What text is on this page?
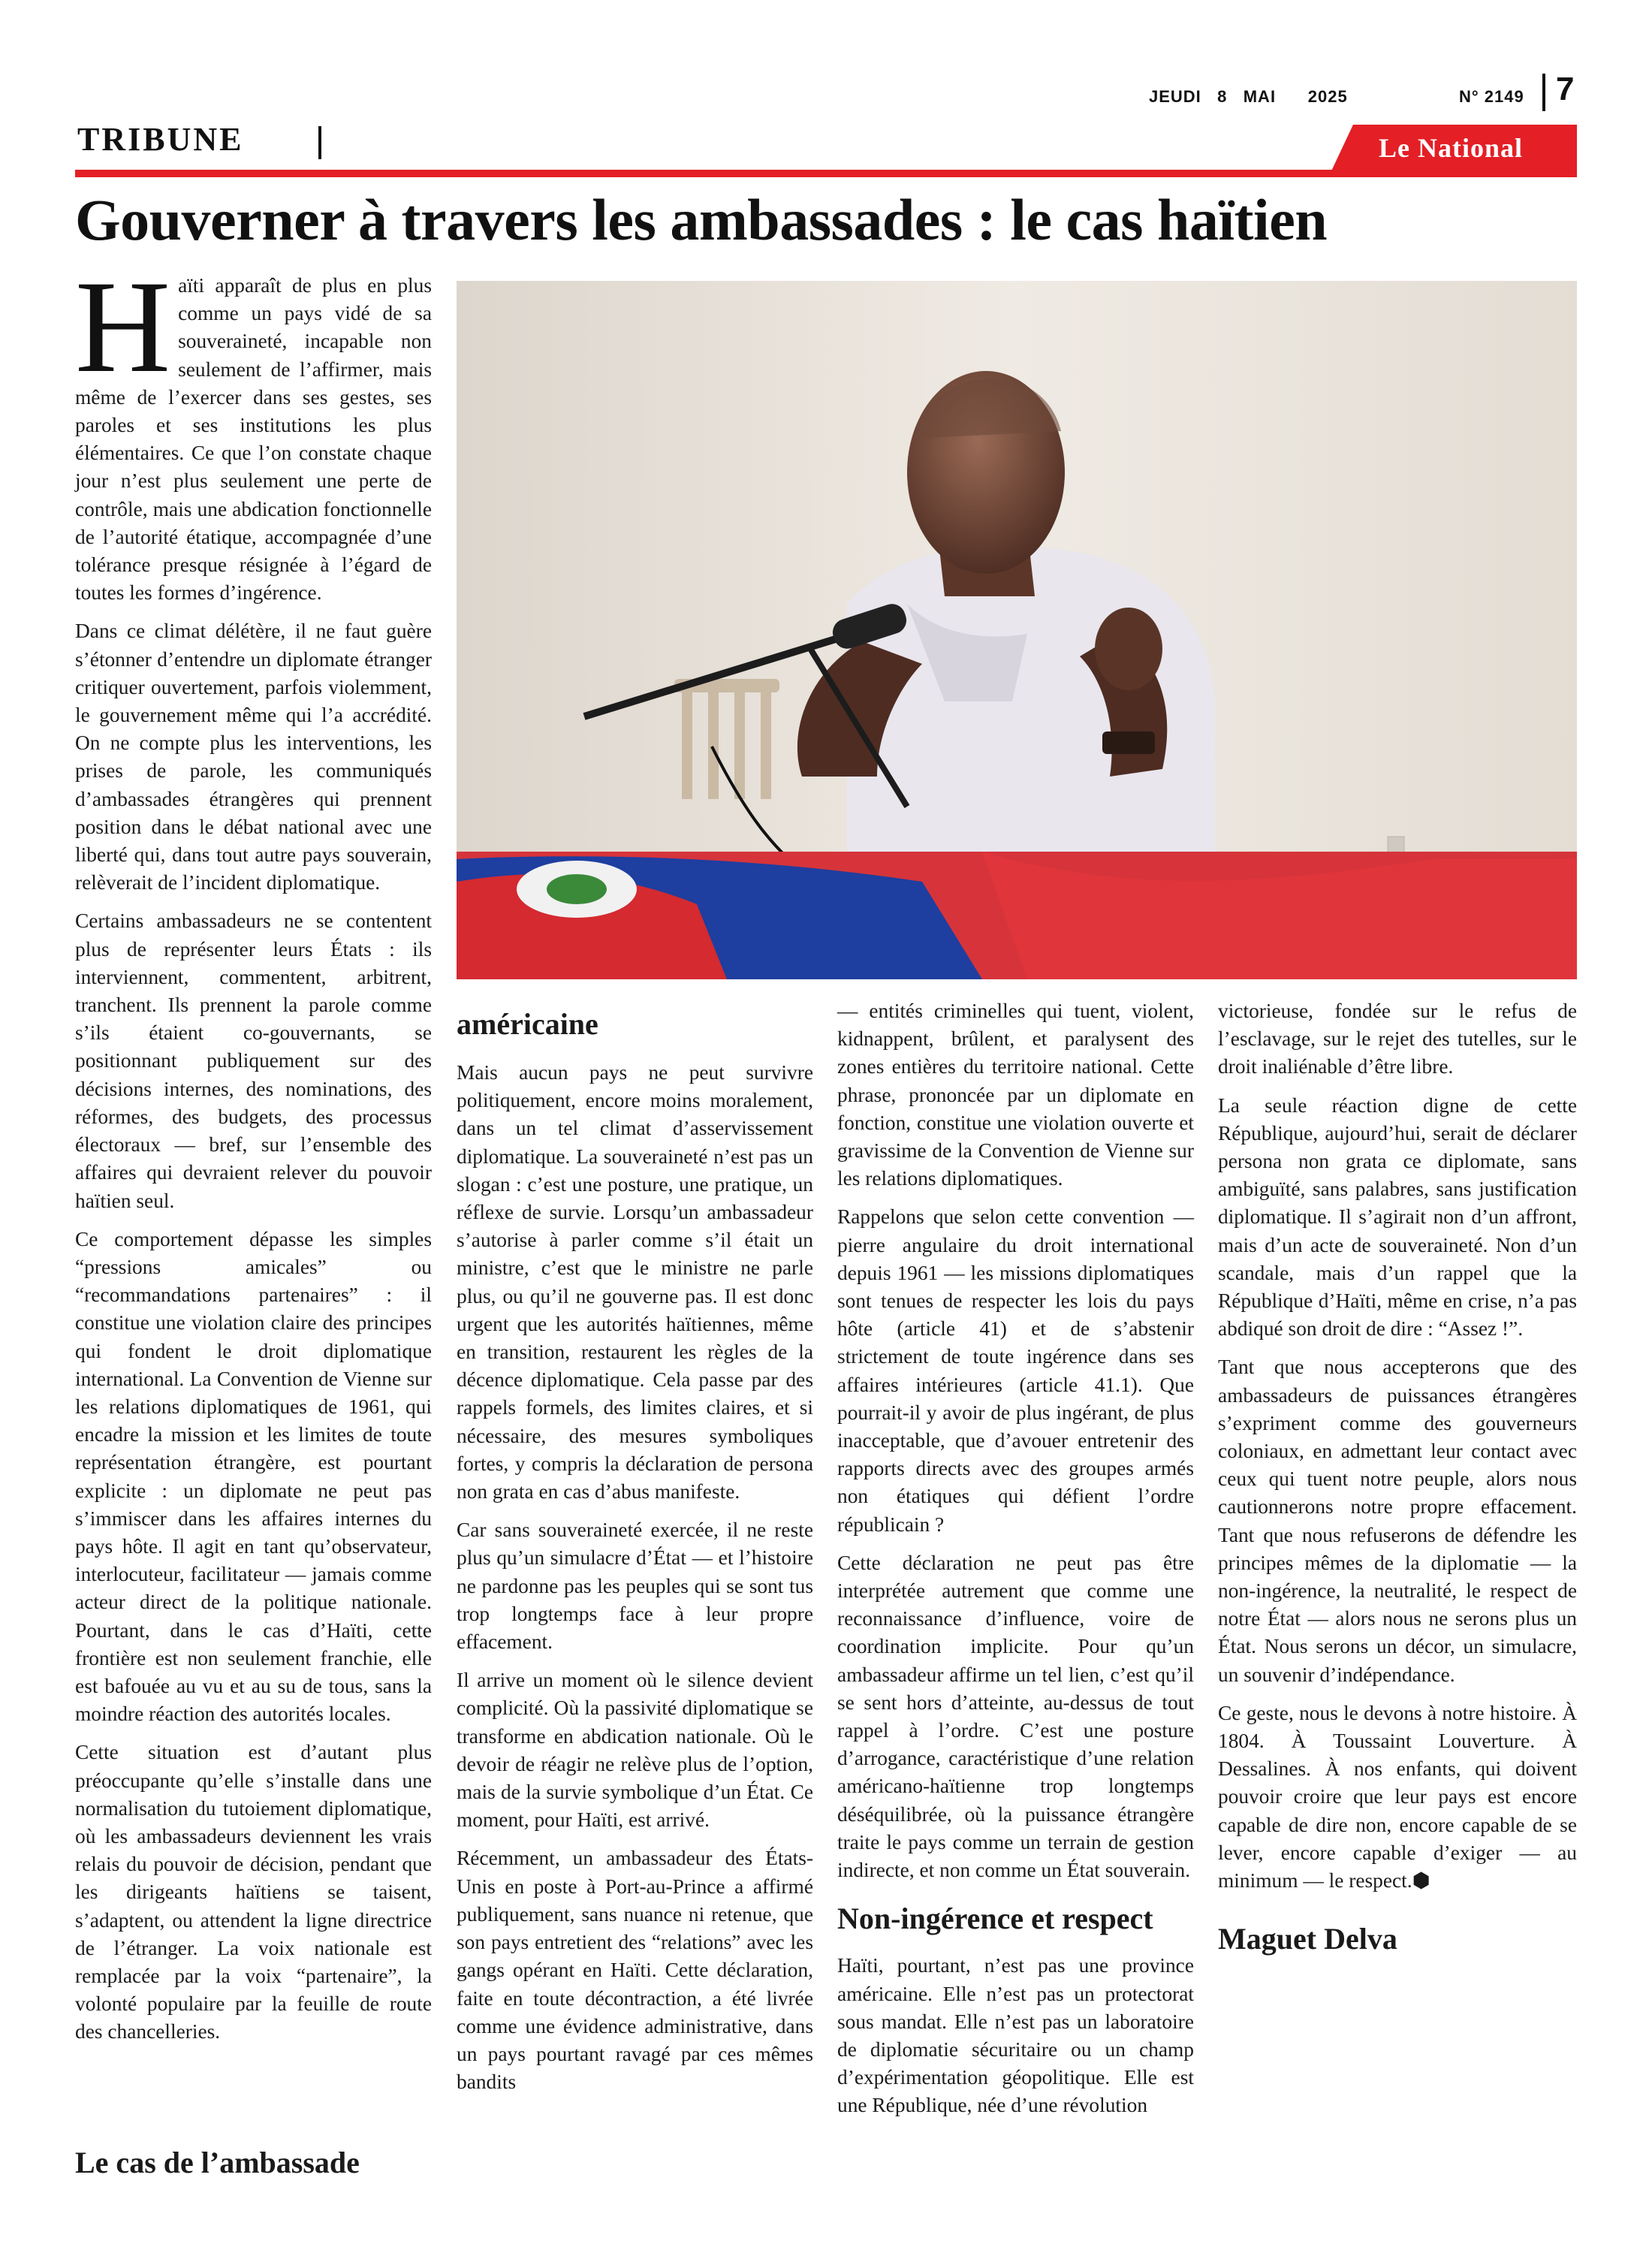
JEUDI 8 MAI 2025	N° 2149 7
TRIBUNE	Le National
Gouverner à travers les ambassades : le cas haïtien

Haïti apparaît de plus en plus comme un pays vidé de sa souveraineté, incapable non seulement de l’affirmer, mais même de l’exercer dans ses gestes, ses paroles et ses institutions les plus élémentaires. Ce que l’on constate chaque jour n’est plus seulement une perte de contrôle, mais une abdication fonctionnelle de l’autorité étatique, accompagnée d’une tolérance presque résignée à l’égard de toutes les formes d’ingérence.

Dans ce climat délétère, il ne faut guère s’étonner d’entendre un diplomate étranger critiquer ouvertement, parfois violemment, le gouvernement même qui l’a accrédité. On ne compte plus les interventions, les prises de parole, les communiqués d’ambassades étrangères qui prennent position dans le débat national avec une liberté qui, dans tout autre pays souverain, relèverait de l’incident diplomatique.

Certains ambassadeurs ne se contentent plus de représenter leurs États : ils interviennent, commentent, arbitrent, tranchent. Ils prennent la parole comme s’ils étaient co-gouvernants, se positionnant publiquement sur des décisions internes, des nominations, des réformes, des budgets, des processus électoraux — bref, sur l’ensemble des affaires qui devraient relever du pouvoir haïtien seul.

Ce comportement dépasse les simples “pressions amicales” ou “recommandations partenaires” : il constitue une violation claire des principes qui fondent le droit diplomatique international. La Convention de Vienne sur les relations diplomatiques de 1961, qui encadre la mission et les limites de toute représentation étrangère, est pourtant explicite : un diplomate ne peut pas s’immiscer dans les affaires internes du pays hôte. Il agit en tant qu’observateur, interlocuteur, facilitateur — jamais comme acteur direct de la politique nationale. Pourtant, dans le cas d’Haïti, cette frontière est non seulement franchie, elle est bafouée au vu et au su de tous, sans la moindre réaction des autorités locales.

Cette situation est d’autant plus préoccupante qu’elle s’installe dans une normalisation du tutoiement diplomatique, où les ambassadeurs deviennent les vrais relais du pouvoir de décision, pendant que les dirigeants haïtiens se taisent, s’adaptent, ou attendent la ligne directrice de l’étranger. La voix nationale est remplacée par la voix “partenaire”, la volonté populaire par la feuille de route des chancelleries.

Le cas de l’ambassade
américaine

Mais aucun pays ne peut survivre politiquement, encore moins moralement, dans un tel climat d’asservissement diplomatique. La souveraineté n’est pas un slogan : c’est une posture, une pratique, un réflexe de survie. Lorsqu’un ambassadeur s’autorise à parler comme s’il était un ministre, c’est que le ministre ne parle plus, ou qu’il ne gouverne pas. Il est donc urgent que les autorités haïtiennes, même en transition, restaurent les règles de la décence diplomatique. Cela passe par des rappels formels, des limites claires, et si nécessaire, des mesures symboliques fortes, y compris la déclaration de persona non grata en cas d’abus manifeste.

Car sans souveraineté exercée, il ne reste plus qu’un simulacre d’État — et l’histoire ne pardonne pas les peuples qui se sont tus trop longtemps face à leur propre effacement.

Il arrive un moment où le silence devient complicité. Où la passivité diplomatique se transforme en abdication nationale. Où le devoir de réagir ne relève plus de l’option, mais de la survie symbolique d’un État. Ce moment, pour Haïti, est arrivé.

Récemment, un ambassadeur des États-Unis en poste à Port-au-Prince a affirmé publiquement, sans nuance ni retenue, que son pays entretient des “relations” avec les gangs opérant en Haïti. Cette déclaration, faite en toute décontraction, a été livrée comme une évidence administrative, dans un pays pourtant ravagé par ces mêmes bandits

— entités criminelles qui tuent, violent, kidnappent, brûlent, et paralysent des zones entières du territoire national. Cette phrase, prononcée par un diplomate en fonction, constitue une violation ouverte et gravissime de la Convention de Vienne sur les relations diplomatiques.

Rappelons que selon cette convention — pierre angulaire du droit international depuis 1961 — les missions diplomatiques sont tenues de respecter les lois du pays hôte (article 41) et de s’abstenir strictement de toute ingérence dans ses affaires intérieures (article 41.1). Que pourrait-il y avoir de plus ingérant, de plus inacceptable, que d’avouer entretenir des rapports directs avec des groupes armés non étatiques qui défient l’ordre républicain ?

Cette déclaration ne peut pas être interprétée autrement que comme une reconnaissance d’influence, voire de coordination implicite. Pour qu’un ambassadeur affirme un tel lien, c’est qu’il se sent hors d’atteinte, au-dessus de tout rappel à l’ordre. C’est une posture d’arrogance, caractéristique d’une relation américano-haïtienne trop longtemps déséquilibrée, où la puissance étrangère traite le pays comme un terrain de gestion indirecte, et non comme un État souverain.

Non-ingérence et respect

Haïti, pourtant, n’est pas une province américaine. Elle n’est pas un protectorat sous mandat. Elle n’est pas un laboratoire de diplomatie sécuritaire ou un champ d’expérimentation géopolitique. Elle est une République, née d’une révolution

victorieuse, fondée sur le refus de l’esclavage, sur le rejet des tutelles, sur le droit inaliénable d’être libre.

La seule réaction digne de cette République, aujourd’hui, serait de déclarer persona non grata ce diplomate, sans ambiguïté, sans palabres, sans justification diplomatique. Il s’agirait non d’un affront, mais d’un acte de souveraineté. Non d’un scandale, mais d’un rappel que la République d’Haïti, même en crise, n’a pas abdiqué son droit de dire : “Assez !”.

Tant que nous accepterons que des ambassadeurs de puissances étrangères s’expriment comme des gouverneurs coloniaux, en admettant leur contact avec ceux qui tuent notre peuple, alors nous cautionnerons notre propre effacement. Tant que nous refuserons de défendre les principes mêmes de la diplomatie — la non-ingérence, la neutralité, le respect de notre État — alors nous ne serons plus un État. Nous serons un décor, un simulacre, un souvenir d’indépendance.

Ce geste, nous le devons à notre histoire. À 1804. À Toussaint Louverture. À Dessalines. À nos enfants, qui doivent pouvoir croire que leur pays est encore capable de dire non, encore capable de se lever, encore capable d’exiger — au minimum — le respect.⬢

Maguet Delva
